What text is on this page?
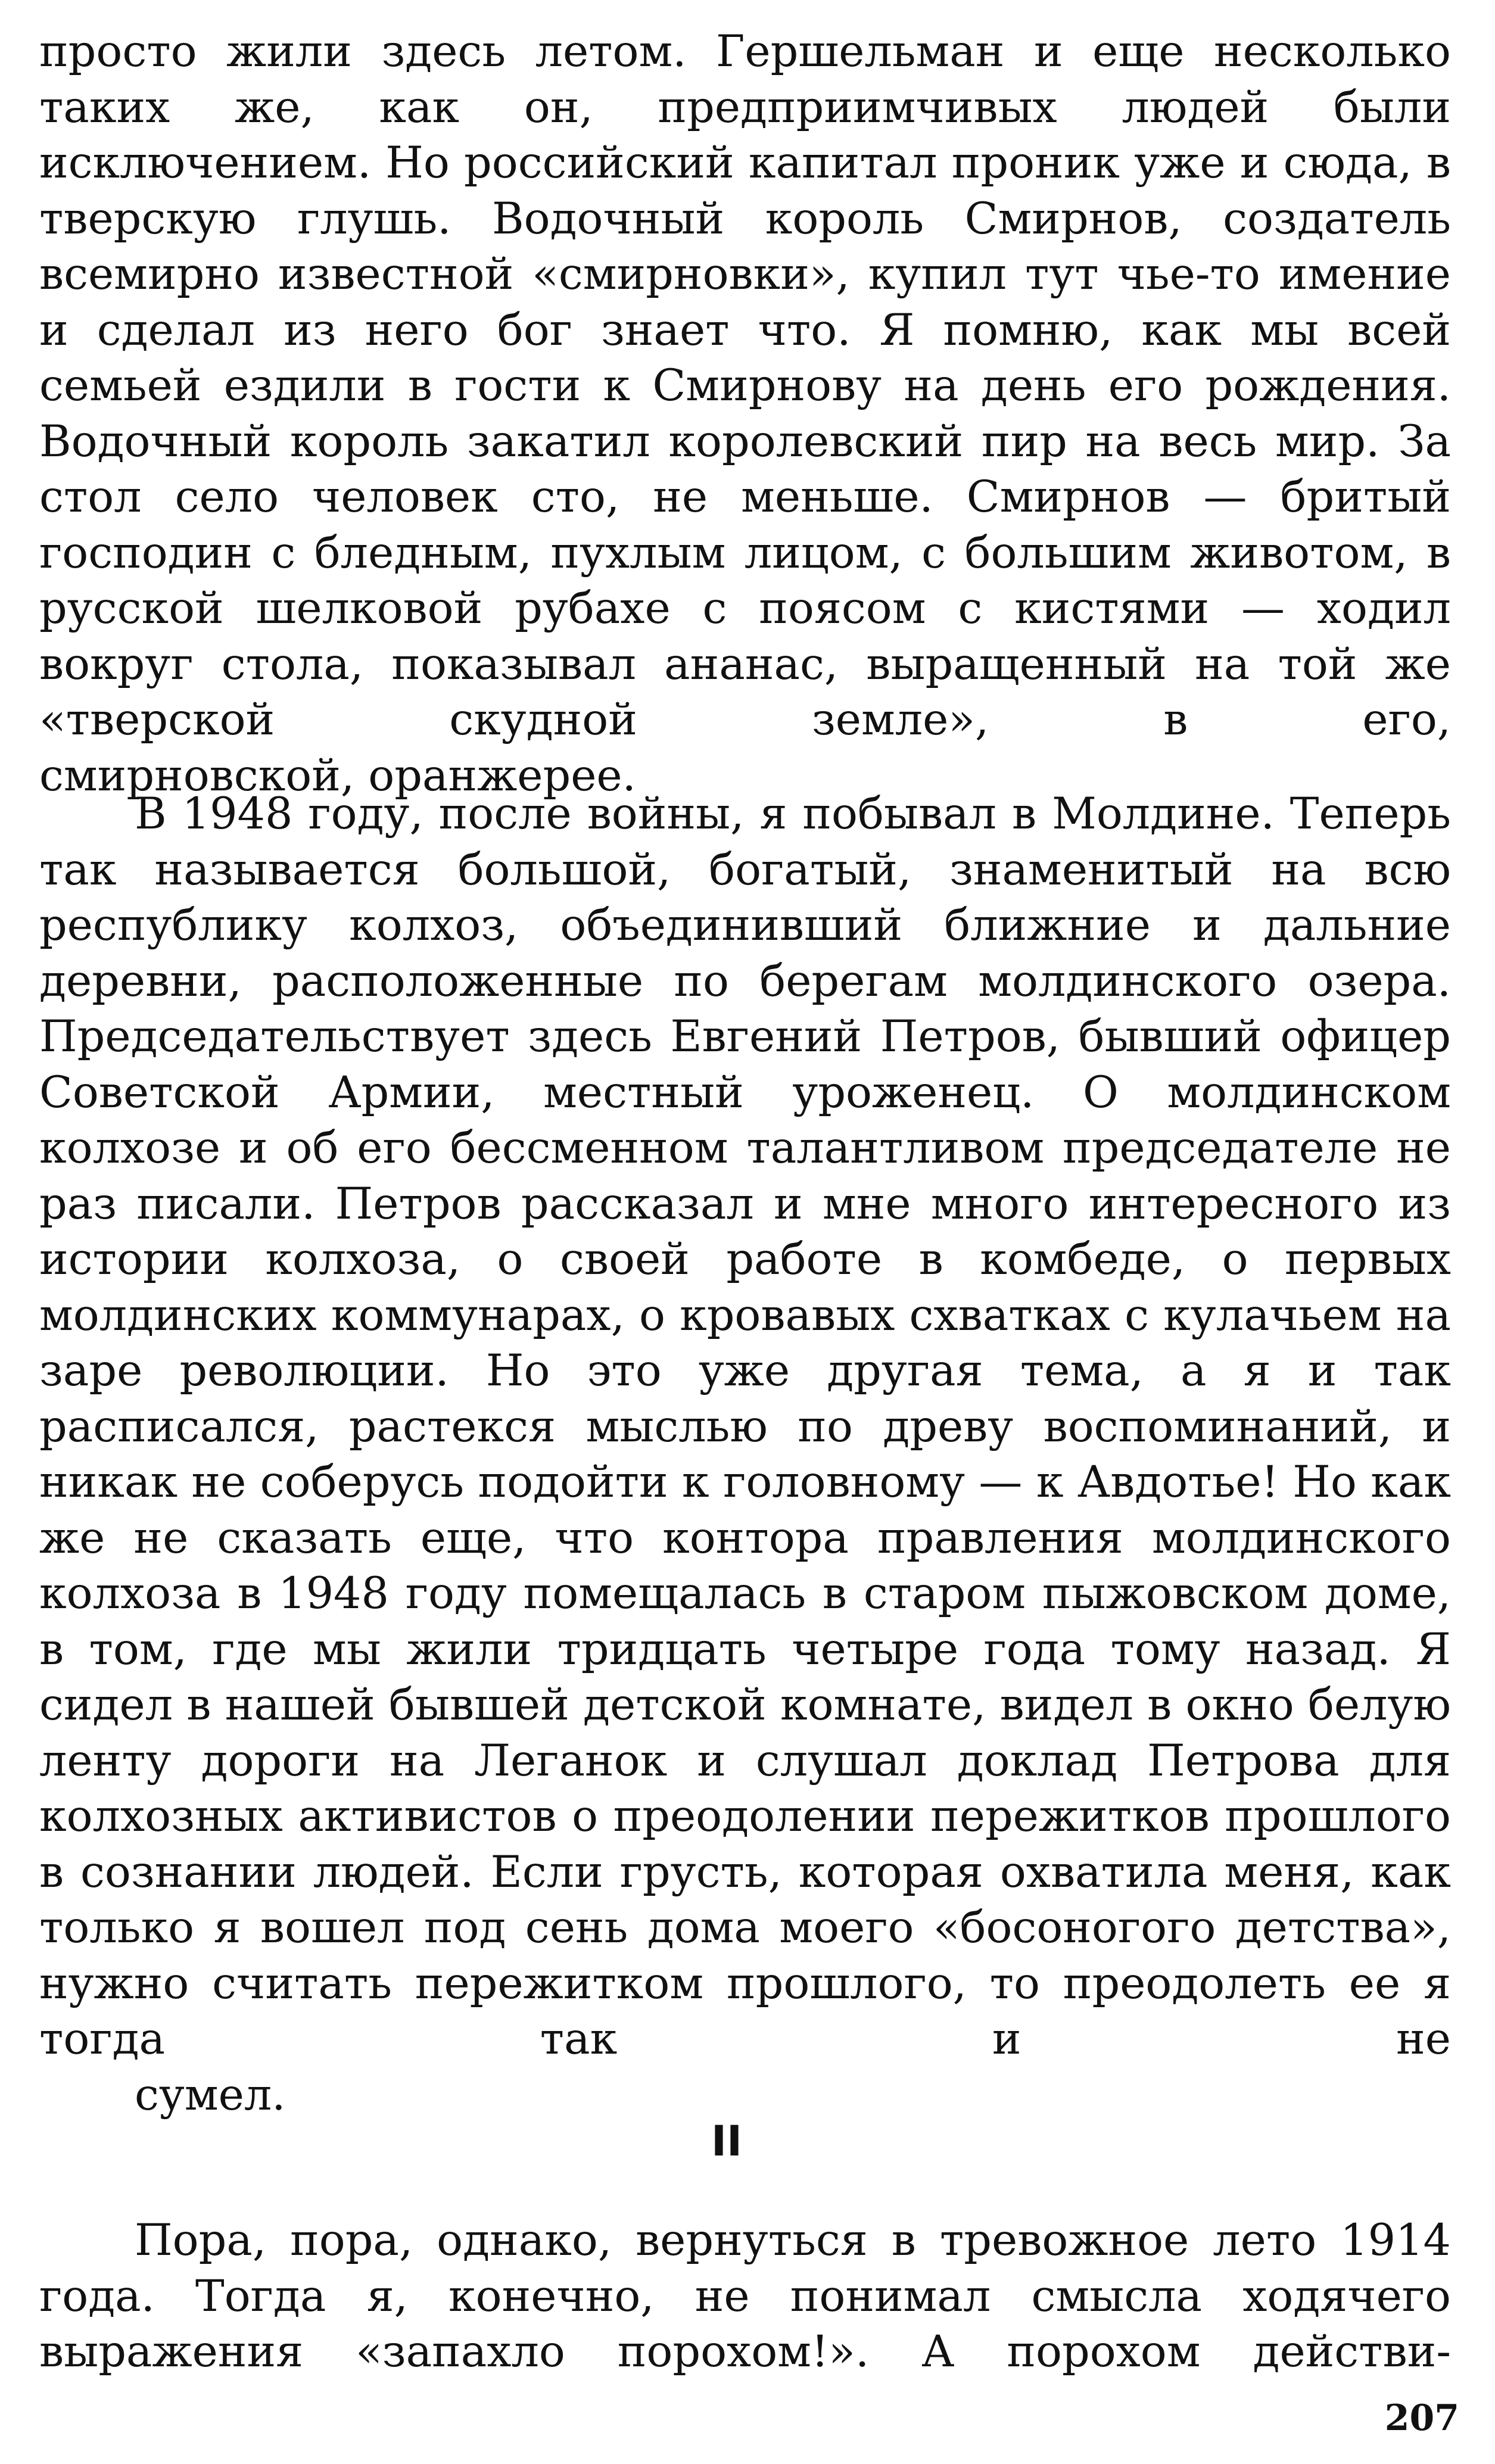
просто жили здесь летом. Гершельман и еще несколько таких же, как он, предприимчивых людей были исключением. Но российский капитал проник уже и сюда, в тверскую глушь. Водочный король Смирнов, создатель всемирно известной «смирновки», купил тут чье-то имение и сделал из него бог знает что. Я помню, как мы всей семьей ездили в гости к Смирнову на день его рождения. Водочный король закатил королевский пир на весь мир. За стол село человек сто, не меньше. Смирнов — бритый господин с бледным, пухлым лицом, с большим животом, в русской шелковой рубахе с поясом с кистями — ходил вокруг стола, показывал ананас, выращенный на той же «тверской скудной земле», в его,
смирновской, оранжерее.

В 1948 году, после войны, я побывал в Молдине. Теперь так называется большой, богатый, знаменитый на всю республику колхоз, объединивший ближние и дальние деревни, расположенные по берегам молдинского озера. Председательствует здесь Евгений Петров, бывший офицер Советской Армии, местный уроженец. О молдинском колхозе и об его бессменном талантливом председателе не раз писали. Петров рассказал и мне много интересного из истории колхоза, о своей работе в комбеде, о первых молдинских коммунарах, о кровавых схватках с кулачьем на заре революции. Но это уже другая тема, а я и так расписался, растекся мыслью по древу воспоминаний, и никак не соберусь подойти к головному — к Авдотье! Но как же не сказать еще, что контора правления молдинского колхоза в 1948 году помещалась в старом пыжовском доме, в том, где мы жили тридцать четыре года тому назад. Я сидел в нашей бывшей детской комнате, видел в окно белую ленту дороги на Леганок и слушал доклад Петрова для колхозных активистов о преодолении пережитков прошлого в сознании людей. Если грусть, которая охватила меня, как только я вошел под сень дома моего «босоногого детства», нужно считать пережитком прошлого, то преодолеть ее я тогда так и не
сумел.

Пора, пора, однако, вернуться в тревожное лето 1914 года. Тогда я, конечно, не понимал смысла ходячего выражения «запахло порохом!». А порохом действи-

II
207
